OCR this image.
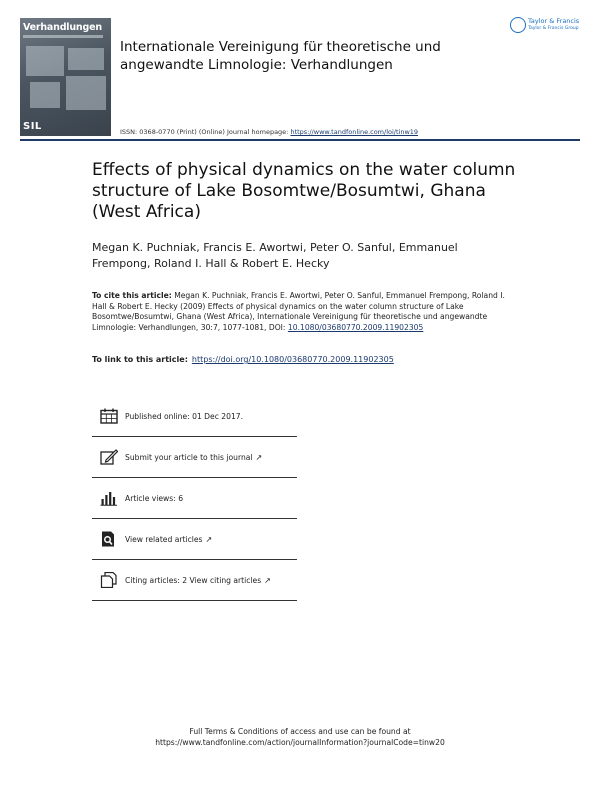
Verhandlungen
SIL
Internationale Vereinigung für theoretische und angewandte Limnologie: Verhandlungen
Taylor & Francis
Taylor & Francis Group
ISSN: 0368-0770 (Print) (Online) Journal homepage: https://www.tandfonline.com/loi/tinw19
Effects of physical dynamics on the water column structure of Lake Bosomtwe/Bosumtwi, Ghana (West Africa)
Megan K. Puchniak, Francis E. Awortwi, Peter O. Sanful, Emmanuel Frempong, Roland I. Hall & Robert E. Hecky
To cite this article: Megan K. Puchniak, Francis E. Awortwi, Peter O. Sanful, Emmanuel Frempong, Roland I. Hall & Robert E. Hecky (2009) Effects of physical dynamics on the water column structure of Lake Bosomtwe/Bosumtwi, Ghana (West Africa), Internationale Vereinigung für theoretische und angewandte Limnologie: Verhandlungen, 30:7, 1077-1081, DOI: 10.1080/03680770.2009.11902305
To link to this article: https://doi.org/10.1080/03680770.2009.11902305
Published online: 01 Dec 2017.
Submit your article to this journal ↗
Article views: 6
View related articles ↗
Citing articles: 2 View citing articles ↗
Full Terms & Conditions of access and use can be found at
https://www.tandfonline.com/action/journalInformation?journalCode=tinw20
